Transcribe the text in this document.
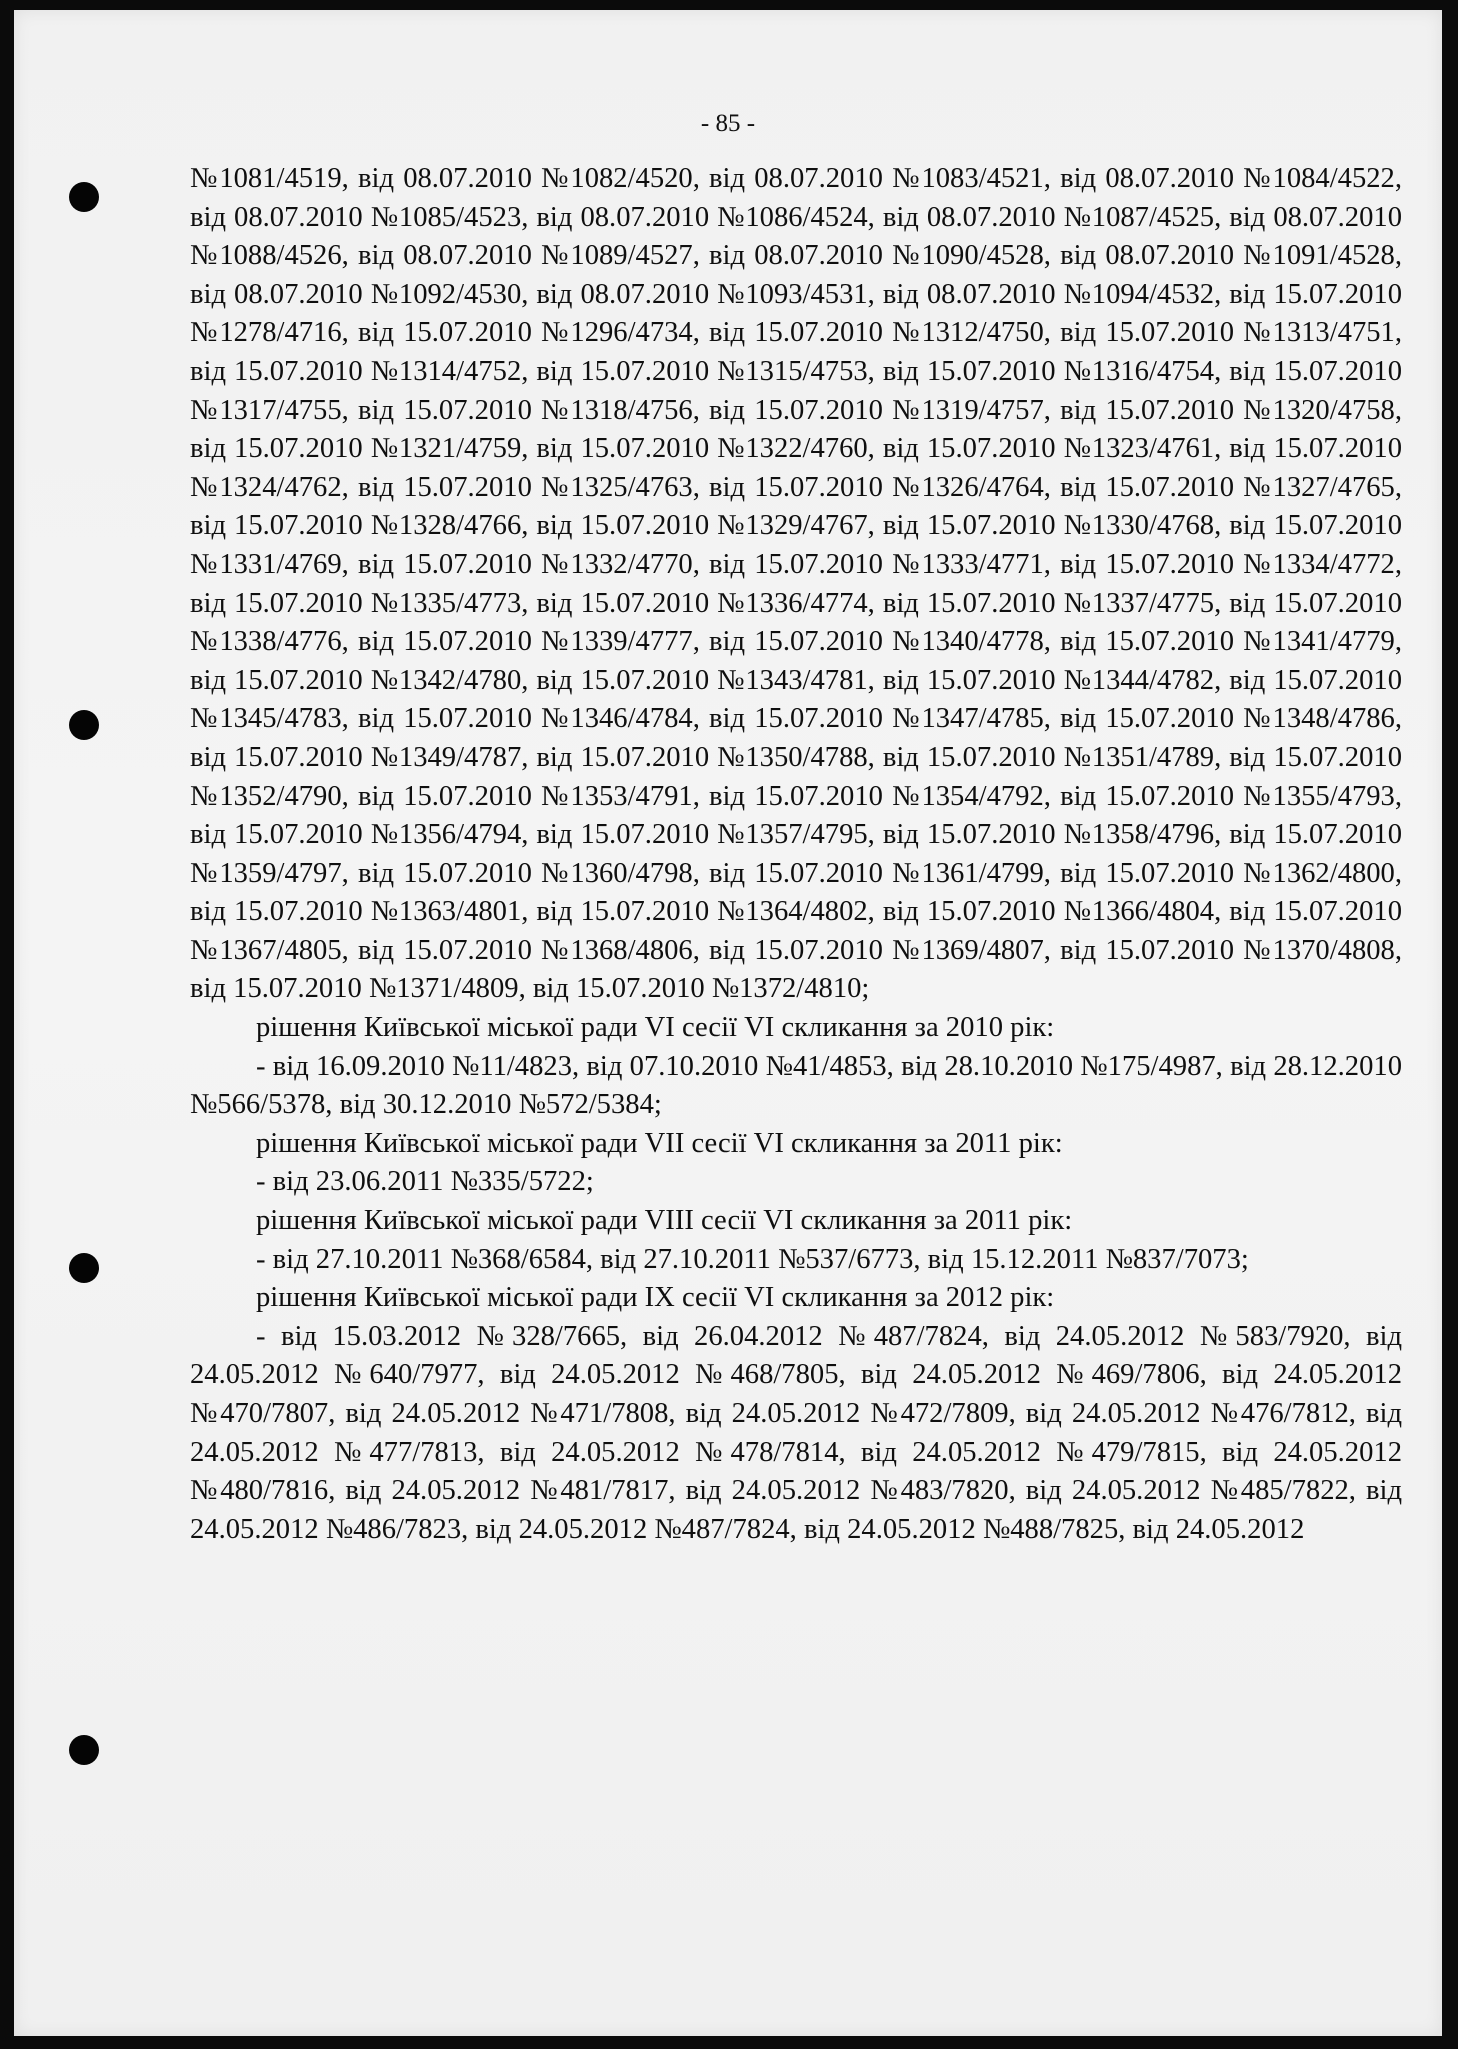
- 85 -

№1081/4519, від 08.07.2010 №1082/4520, від 08.07.2010 №1083/4521, від 08.07.2010 №1084/4522, від 08.07.2010 №1085/4523, від 08.07.2010 №1086/4524, від 08.07.2010 №1087/4525, від 08.07.2010 №1088/4526, від 08.07.2010 №1089/4527, від 08.07.2010 №1090/4528, від 08.07.2010 №1091/4528, від 08.07.2010 №1092/4530, від 08.07.2010 №1093/4531, від 08.07.2010 №1094/4532, від 15.07.2010 №1278/4716, від 15.07.2010 №1296/4734, від 15.07.2010 №1312/4750, від 15.07.2010 №1313/4751, від 15.07.2010 №1314/4752, від 15.07.2010 №1315/4753, від 15.07.2010 №1316/4754, від 15.07.2010 №1317/4755, від 15.07.2010 №1318/4756, від 15.07.2010 №1319/4757, від 15.07.2010 №1320/4758, від 15.07.2010 №1321/4759, від 15.07.2010 №1322/4760, від 15.07.2010 №1323/4761, від 15.07.2010 №1324/4762, від 15.07.2010 №1325/4763, від 15.07.2010 №1326/4764, від 15.07.2010 №1327/4765, від 15.07.2010 №1328/4766, від 15.07.2010 №1329/4767, від 15.07.2010 №1330/4768, від 15.07.2010 №1331/4769, від 15.07.2010 №1332/4770, від 15.07.2010 №1333/4771, від 15.07.2010 №1334/4772, від 15.07.2010 №1335/4773, від 15.07.2010 №1336/4774, від 15.07.2010 №1337/4775, від 15.07.2010 №1338/4776, від 15.07.2010 №1339/4777, від 15.07.2010 №1340/4778, від 15.07.2010 №1341/4779, від 15.07.2010 №1342/4780, від 15.07.2010 №1343/4781, від 15.07.2010 №1344/4782, від 15.07.2010 №1345/4783, від 15.07.2010 №1346/4784, від 15.07.2010 №1347/4785, від 15.07.2010 №1348/4786, від 15.07.2010 №1349/4787, від 15.07.2010 №1350/4788, від 15.07.2010 №1351/4789, від 15.07.2010 №1352/4790, від 15.07.2010 №1353/4791, від 15.07.2010 №1354/4792, від 15.07.2010 №1355/4793, від 15.07.2010 №1356/4794, від 15.07.2010 №1357/4795, від 15.07.2010 №1358/4796, від 15.07.2010 №1359/4797, від 15.07.2010 №1360/4798, від 15.07.2010 №1361/4799, від 15.07.2010 №1362/4800, від 15.07.2010 №1363/4801, від 15.07.2010 №1364/4802, від 15.07.2010 №1366/4804, від 15.07.2010 №1367/4805, від 15.07.2010 №1368/4806, від 15.07.2010 №1369/4807, від 15.07.2010 №1370/4808, від 15.07.2010 №1371/4809, від 15.07.2010 №1372/4810;

рішення Київської міської ради VI сесії VI скликання за 2010 рік:

- від 16.09.2010 №11/4823, від 07.10.2010 №41/4853, від 28.10.2010 №175/4987, від 28.12.2010 №566/5378, від 30.12.2010 №572/5384;

рішення Київської міської ради VII сесії VI скликання за 2011 рік:

- від 23.06.2011 №335/5722;

рішення Київської міської ради VIII сесії VI скликання за 2011 рік:

- від 27.10.2011 №368/6584, від 27.10.2011 №537/6773, від 15.12.2011 №837/7073;

рішення Київської міської ради IX сесії VI скликання за 2012 рік:

- від 15.03.2012 №328/7665, від 26.04.2012 №487/7824, від 24.05.2012 №583/7920, від 24.05.2012 №640/7977, від 24.05.2012 №468/7805, від 24.05.2012 №469/7806, від 24.05.2012 №470/7807, від 24.05.2012 №471/7808, від 24.05.2012 №472/7809, від 24.05.2012 №476/7812, від 24.05.2012 №477/7813, від 24.05.2012 №478/7814, від 24.05.2012 №479/7815, від 24.05.2012 №480/7816, від 24.05.2012 №481/7817, від 24.05.2012 №483/7820, від 24.05.2012 №485/7822, від 24.05.2012 №486/7823, від 24.05.2012 №487/7824, від 24.05.2012 №488/7825, від 24.05.2012
